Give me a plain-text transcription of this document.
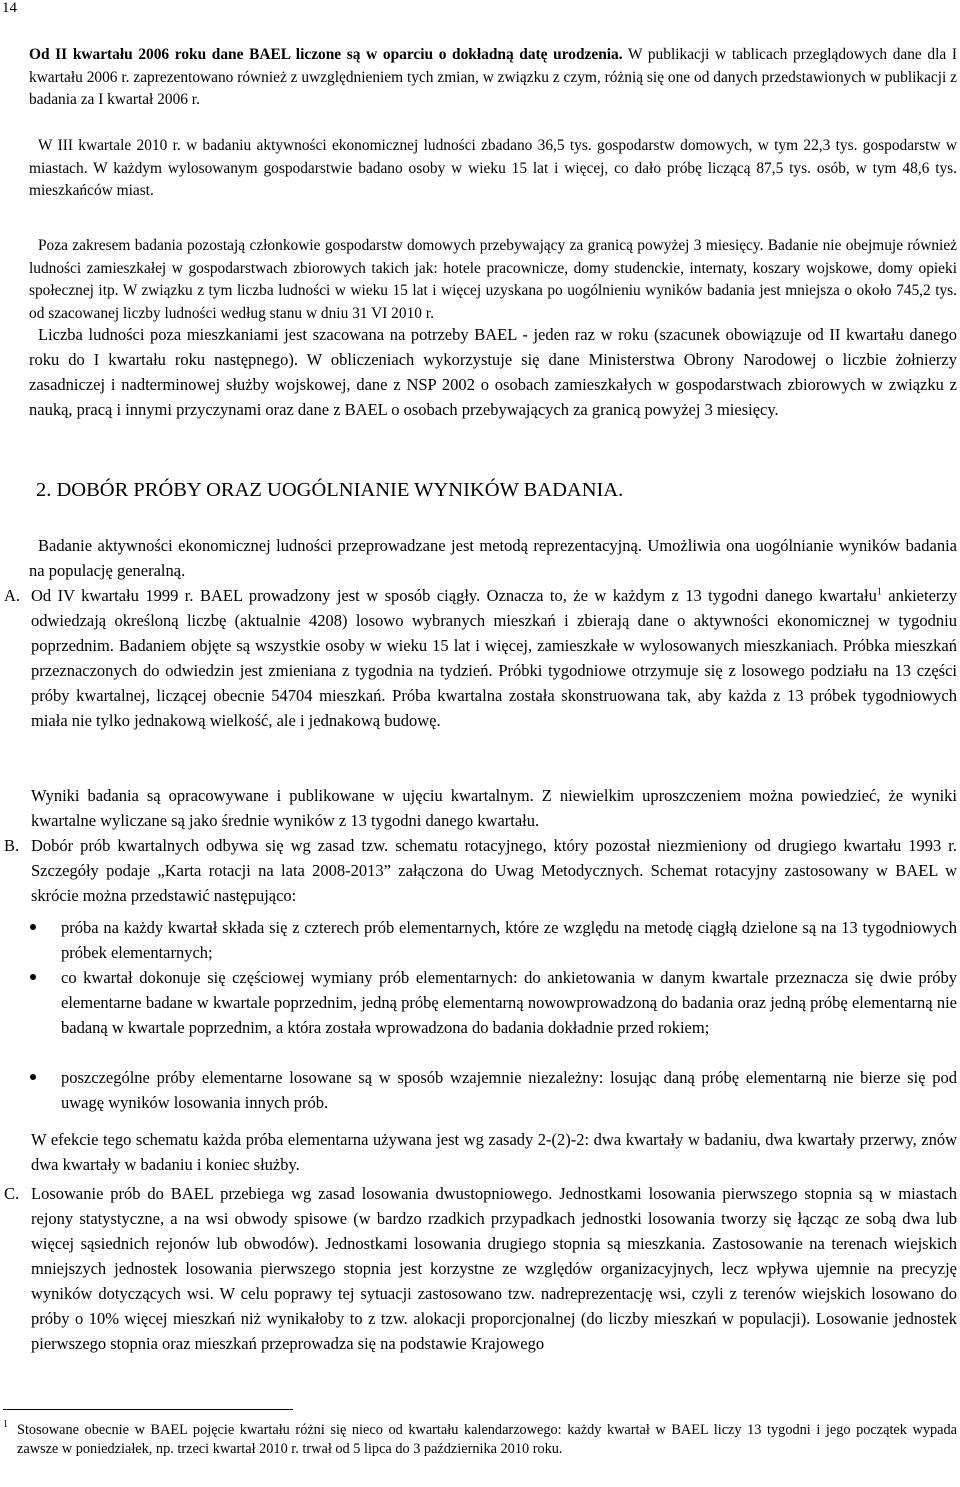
14

Od II kwartału 2006 roku dane BAEL liczone są w oparciu o dokładną datę urodzenia. W publikacji w tablicach przeglądowych dane dla I kwartału 2006 r. zaprezentowano również z uwzględnieniem tych zmian, w związku z czym, różnią się one od danych przedstawionych w publikacji z badania za I kwartał 2006 r.

W III kwartale 2010 r. w badaniu aktywności ekonomicznej ludności zbadano 36,5 tys. gospodarstw domowych, w tym 22,3 tys. gospodarstw w miastach. W każdym wylosowanym gospodarstwie badano osoby w wieku 15 lat i więcej, co dało próbę liczącą 87,5 tys. osób, w tym 48,6 tys. mieszkańców miast.

Poza zakresem badania pozostają członkowie gospodarstw domowych przebywający za granicą powyżej 3 miesięcy. Badanie nie obejmuje również ludności zamieszkałej w gospodarstwach zbiorowych takich jak: hotele pracownicze, domy studenckie, internaty, koszary wojskowe, domy opieki społecznej itp. W związku z tym liczba ludności w wieku 15 lat i więcej uzyskana po uogólnieniu wyników badania jest mniejsza o około 745,2 tys. od szacowanej liczby ludności według stanu w dniu 31 VI 2010 r.

Liczba ludności poza mieszkaniami jest szacowana na potrzeby BAEL - jeden raz w roku (szacunek obowiązuje od II kwartału danego roku do I kwartału roku następnego). W obliczeniach wykorzystuje się dane Ministerstwa Obrony Narodowej o liczbie żołnierzy zasadniczej i nadterminowej służby wojskowej, dane z NSP 2002 o osobach zamieszkałych w gospodarstwach zbiorowych w związku z nauką, pracą i innymi przyczynami oraz dane z BAEL o osobach przebywających za granicą powyżej 3 miesięcy.

2. DOBÓR PRÓBY ORAZ UOGÓLNIANIE WYNIKÓW BADANIA.

Badanie aktywności ekonomicznej ludności przeprowadzane jest metodą reprezentacyjną. Umożliwia ona uogólnianie wyników badania na populację generalną.

A. Od IV kwartału 1999 r. BAEL prowadzony jest w sposób ciągły. Oznacza to, że w każdym z 13 tygodni danego kwartału$^1$ ankieterzy odwiedzają określoną liczbę (aktualnie 4208) losowo wybranych mieszkań i zbierają dane o aktywności ekonomicznej w tygodniu poprzednim. Badaniem objęte są wszystkie osoby w wieku 15 lat i więcej, zamieszkałe w wylosowanych mieszkaniach. Próbka mieszkań przeznaczonych do odwiedzin jest zmieniana z tygodnia na tydzień. Próbki tygodniowe otrzymuje się z losowego podziału na 13 części próby kwartalnej, liczącej obecnie 54704 mieszkań. Próba kwartalna została skonstruowana tak, aby każda z 13 próbek tygodniowych miała nie tylko jednakową wielkość, ale i jednakową budowę.

Wyniki badania są opracowywane i publikowane w ujęciu kwartalnym. Z niewielkim uproszczeniem można powiedzieć, że wyniki kwartalne wyliczane są jako średnie wyników z 13 tygodni danego kwartału.

B. Dobór prób kwartalnych odbywa się wg zasad tzw. schematu rotacyjnego, który pozostał niezmieniony od drugiego kwartału 1993 r. Szczegóły podaje „Karta rotacji na lata 2008-2013” załączona do Uwag Metodycznych. Schemat rotacyjny zastosowany w BAEL w skrócie można przedstawić następująco:
próba na każdy kwartał składa się z czterech prób elementarnych, które ze względu na metodę ciągłą dzielone są na 13 tygodniowych próbek elementarnych;
co kwartał dokonuje się częściowej wymiany prób elementarnych: do ankietowania w danym kwartale przeznacza się dwie próby elementarne badane w kwartale poprzednim, jedną próbę elementarną nowowprowadzoną do badania oraz jedną próbę elementarną nie badaną w kwartale poprzednim, a która została wprowadzona do badania dokładnie przed rokiem;
poszczególne próby elementarne losowane są w sposób wzajemnie niezależny: losując daną próbę elementarną nie bierze się pod uwagę wyników losowania innych prób.

W efekcie tego schematu każda próba elementarna używana jest wg zasady 2-(2)-2: dwa kwartały w badaniu, dwa kwartały przerwy, znów dwa kwartały w badaniu i koniec służby.

C. Losowanie prób do BAEL przebiega wg zasad losowania dwustopniowego. Jednostkami losowania pierwszego stopnia są w miastach rejony statystyczne, a na wsi obwody spisowe (w bardzo rzadkich przypadkach jednostki losowania tworzy się łącząc ze sobą dwa lub więcej sąsiednich rejonów lub obwodów). Jednostkami losowania drugiego stopnia są mieszkania. Zastosowanie na terenach wiejskich mniejszych jednostek losowania pierwszego stopnia jest korzystne ze względów organizacyjnych, lecz wpływa ujemnie na precyzję wyników dotyczących wsi. W celu poprawy tej sytuacji zastosowano tzw. nadreprezentację wsi, czyli z terenów wiejskich losowano do próby o 10% więcej mieszkań niż wynikałoby to z tzw. alokacji proporcjonalnej (do liczby mieszkań w populacji). Losowanie jednostek pierwszego stopnia oraz mieszkań przeprowadza się na podstawie Krajowego
1 Stosowane obecnie w BAEL pojęcie kwartału różni się nieco od kwartału kalendarzowego: każdy kwartał w BAEL liczy 13 tygodni i jego początek wypada zawsze w poniedziałek, np. trzeci kwartał 2010 r. trwał od 5 lipca do 3 października 2010 roku.
